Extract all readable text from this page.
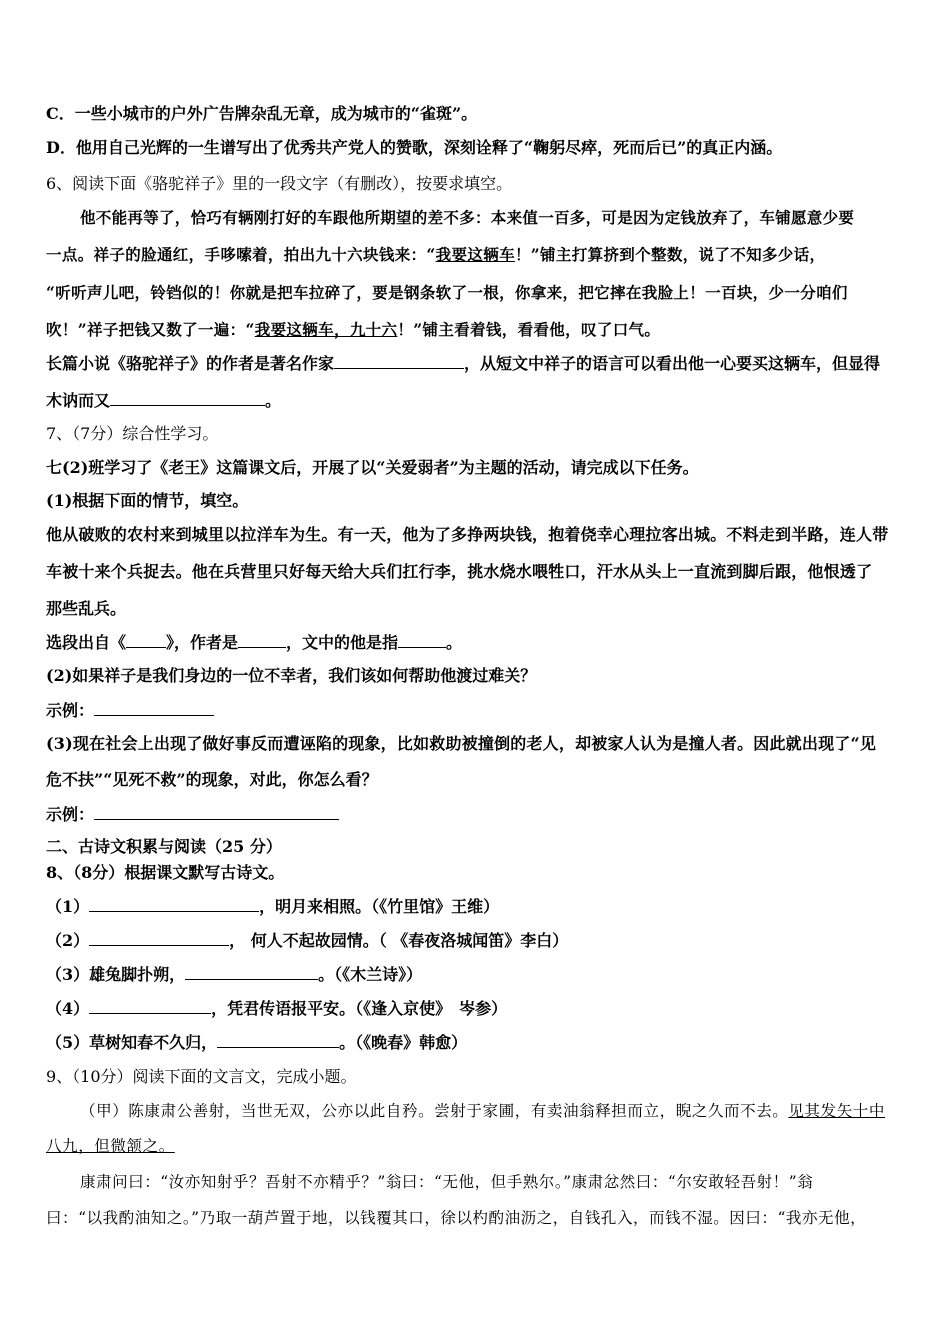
C．一些小城市的户外广告牌杂乱无章，成为城市的“雀斑”。
D．他用自己光辉的一生谱写出了优秀共产党人的赞歌，深刻诠释了“鞠躬尽瘁，死而后已”的真正内涵。
6、阅读下面《骆驼祥子》里的一段文字（有删改），按要求填空。
他不能再等了，恰巧有辆刚打好的车跟他所期望的差不多：本来值一百多，可是因为定钱放弃了，车铺愿意少要
一点。祥子的脸通红，手哆嗦着，拍出九十六块钱来：“我要这辆车！”铺主打算挤到个整数，说了不知多少话，
“听听声儿吧，铃铛似的！你就是把车拉碎了，要是钢条软了一根，你拿来，把它摔在我脸上！一百块，少一分咱们
吹！”祥子把钱又数了一遍：“我要这辆车，九十六！”铺主看着钱，看看他，叹了口气。
长篇小说《骆驼祥子》的作者是著名作家	，从短文中祥子的语言可以看出他一心要买这辆车，但显得
木讷而又	。
7、（7分）综合性学习。
七(2)班学习了《老王》这篇课文后，开展了以“关爱弱者”为主题的活动，请完成以下任务。
(1)根据下面的情节，填空。
他从破败的农村来到城里以拉洋车为生。有一天，他为了多挣两块钱，抱着侥幸心理拉客出城。不料走到半路，连人带
车被十来个兵捉去。他在兵营里只好每天给大兵们扛行李，挑水烧水喂牲口，汗水从头上一直流到脚后跟，他恨透了
那些乱兵。
选段出自《	》，作者是	，文中的他是指	。
(2)如果祥子是我们身边的一位不幸者，我们该如何帮助他渡过难关？
示例：
(3)现在社会上出现了做好事反而遭诬陷的现象，比如救助被撞倒的老人，却被家人认为是撞人者。因此就出现了“见
危不扶”“见死不救”的现象，对此，你怎么看？
示例：
二、古诗文积累与阅读（25 分）
8、（8分）根据课文默写古诗文。
（1）	，明月来相照。（《竹里馆》王维）
（2）	， 何人不起故园情。（ 《春夜洛城闻笛》李白）
（3）雄兔脚扑朔，	。（《木兰诗》）
（4）	，凭君传语报平安。（《逢入京使》　岑参）
（5）草树知春不久归，	。（《晚春》韩愈）
9、（10分）阅读下面的文言文，完成小题。
（甲）陈康肃公善射，当世无双，公亦以此自矜。尝射于家圃，有卖油翁释担而立，睨之久而不去。见其发矢十中
八九，但微颔之。
康肃问曰：“汝亦知射乎？吾射不亦精乎？”翁曰：“无他，但手熟尔。”康肃忿然曰：“尔安敢轻吾射！”翁
曰：“以我酌油知之。”乃取一葫芦置于地，以钱覆其口，徐以杓酌油沥之，自钱孔入，而钱不湿。因曰：“我亦无他，
